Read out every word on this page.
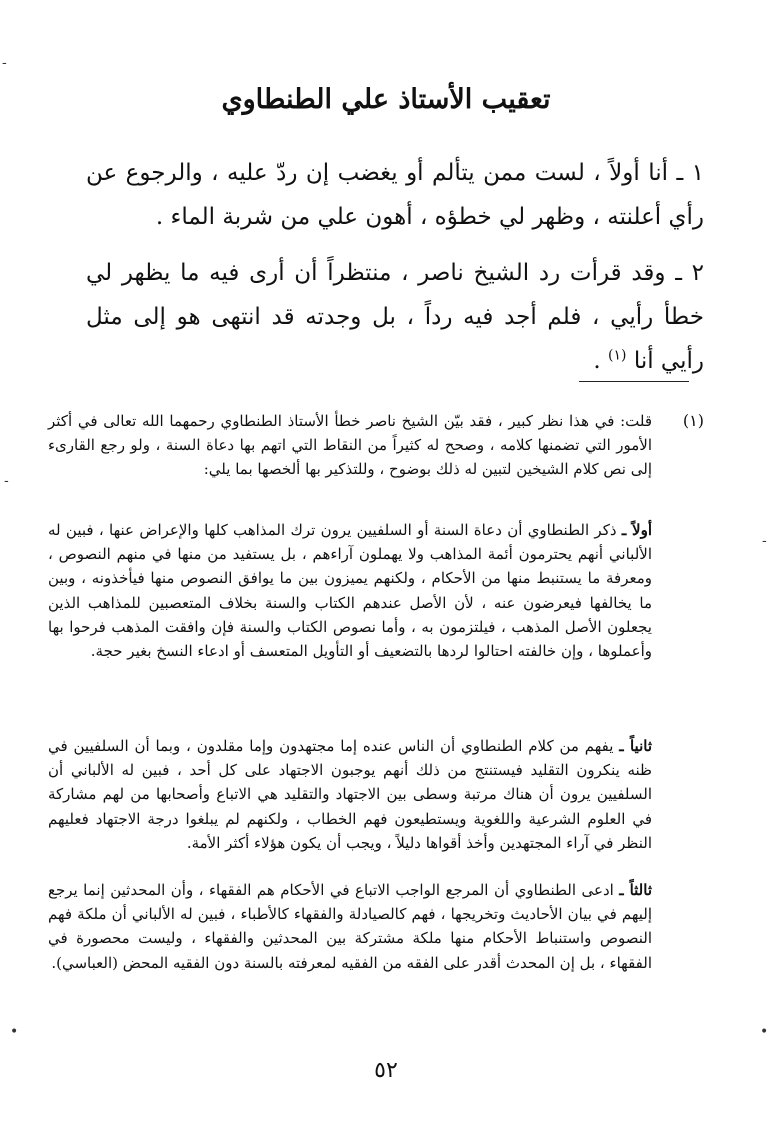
-
-
-
•	•
تعقيب الأستاذ علي الطنطاوي

١ ـ أنا أولاً ، لست ممن يتألم أو يغضب إن ردّ عليه ، والرجوع عن رأي أعلنته ، وظهر لي خطؤه ، أهون علي من شربة الماء .

٢ ـ وقد قرأت رد الشيخ ناصر ، منتظراً أن أرى فيه ما يظهر لي خطأ رأيي ، فلم أجد فيه رداً ، بل وجدته قد انتهى هو إلى مثل رأيي أنا $^{(١)}$ .

(١)

قلت: في هذا نظر كبير ، فقد بيّن الشيخ ناصر خطأ الأستاذ الطنطاوي رحمهما الله تعالى في أكثر الأمور التي تضمنها كلامه ، وصحح له كثيراً من النقاط التي اتهم بها دعاة السنة ، ولو رجع القارىء إلى نص كلام الشيخين لتبين له ذلك بوضوح ، وللتذكير بها ألخصها بما يلي:

أولاً ـ ذكر الطنطاوي أن دعاة السنة أو السلفيين يرون ترك المذاهب كلها والإعراض عنها ، فبين له الألباني أنهم يحترمون أئمة المذاهب ولا يهملون آراءهم ، بل يستفيد من منها في منهم النصوص ، ومعرفة ما يستنبط منها من الأحكام ، ولكنهم يميزون بين ما يوافق النصوص منها فيأخذونه ، وبين ما يخالفها فيعرضون عنه ، لأن الأصل عندهم الكتاب والسنة بخلاف المتعصبين للمذاهب الذين يجعلون الأصل المذهب ، فيلتزمون به ، وأما نصوص الكتاب والسنة فإن وافقت المذهب فرحوا بها وأعملوها ، وإن خالفته احتالوا لردها بالتضعيف أو التأويل المتعسف أو ادعاء النسخ بغير حجة.

ثانياً ـ يفهم من كلام الطنطاوي أن الناس عنده إما مجتهدون وإما مقلدون ، وبما أن السلفيين في ظنه ينكرون التقليد فيستنتج من ذلك أنهم يوجبون الاجتهاد على كل أحد ، فبين له الألباني أن السلفيين يرون أن هناك مرتبة وسطى بين الاجتهاد والتقليد هي الاتباع وأصحابها من لهم مشاركة في العلوم الشرعية واللغوية ويستطيعون فهم الخطاب ، ولكنهم لم يبلغوا درجة الاجتهاد فعليهم النظر في آراء المجتهدين وأخذ أقواها دليلاً ، ويجب أن يكون هؤلاء أكثر الأمة.

ثالثاً ـ ادعى الطنطاوي أن المرجع الواجب الاتباع في الأحكام هم الفقهاء ، وأن المحدثين إنما يرجع إليهم في بيان الأحاديث وتخريجها ، فهم كالصيادلة والفقهاء كالأطباء ، فبين له الألباني أن ملكة فهم النصوص واستنباط الأحكام منها ملكة مشتركة بين المحدثين والفقهاء ، وليست محصورة في الفقهاء ، بل إن المحدث أقدر على الفقه من الفقيه لمعرفته بالسنة دون الفقيه المحض (العباسي).

٥٢
